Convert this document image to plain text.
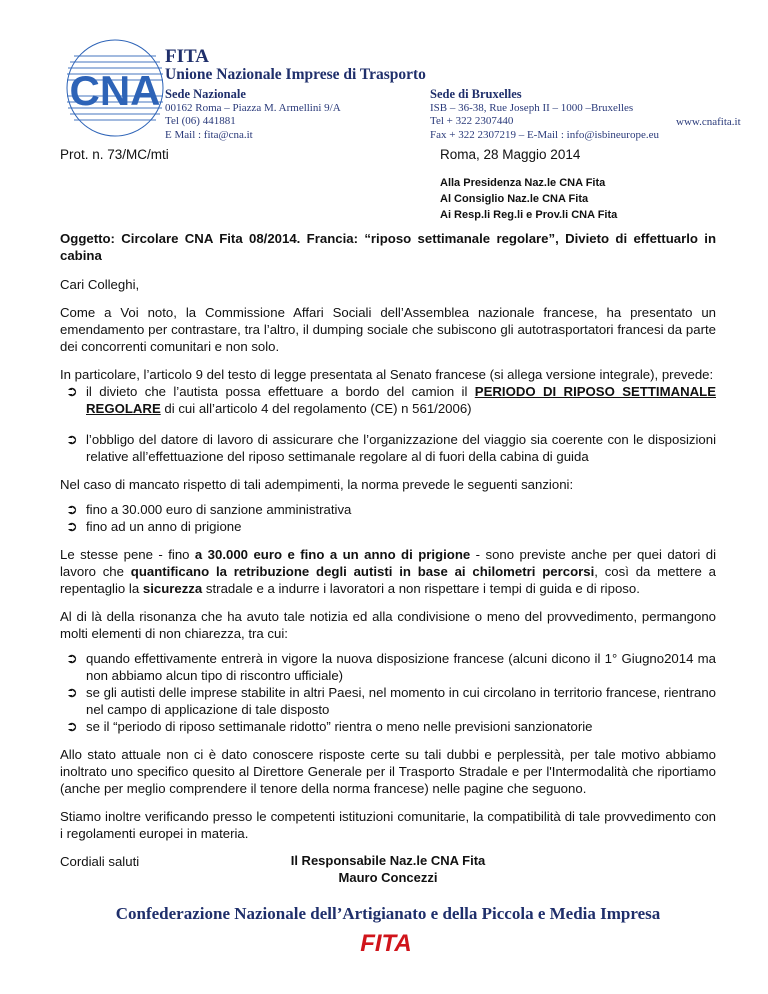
CNA
FITA
Unione Nazionale Imprese di Trasporto
Sede Nazionale
00162 Roma – Piazza M. Armellini 9/A
Tel (06) 441881
E Mail : fita@cna.it
Sede di Bruxelles
ISB – 36-38, Rue Joseph II – 1000 –Bruxelles
Tel + 322 2307440
Fax + 322 2307219 – E-Mail : info@isbineurope.eu
www.cnafita.it
Prot. n. 73/MC/mti	Roma, 28 Maggio 2014
Alla Presidenza Naz.le CNA Fita
Al Consiglio Naz.le CNA Fita
Ai Resp.li Reg.li e Prov.li CNA Fita

Oggetto: Circolare CNA Fita 08/2014. Francia: “riposo settimanale regolare”, Divieto di effettuarlo in cabina

Cari Colleghi,

Come a Voi noto, la Commissione Affari Sociali dell’Assemblea nazionale francese, ha presentato un emendamento per contrastare, tra l’altro, il dumping sociale che subiscono gli autotrasportatori francesi da parte dei concorrenti comunitari e non solo.

In particolare, l’articolo 9 del testo di legge presentata al Senato francese (si allega versione integrale), prevede:

➲ il divieto che l’autista possa effettuare a bordo del camion il PERIODO DI RIPOSO SETTIMANALE REGOLARE di cui all’articolo 4 del regolamento (CE) n 561/2006)
➲ l’obbligo del datore di lavoro di assicurare che l’organizzazione del viaggio sia coerente con le disposizioni relative all’effettuazione del riposo settimanale regolare al di fuori della cabina di guida

Nel caso di mancato rispetto di tali adempimenti, la norma prevede le seguenti sanzioni:

➲ fino a 30.000 euro di sanzione amministrativa
➲ fino ad un anno di prigione

Le stesse pene - fino a 30.000 euro e fino a un anno di prigione - sono previste anche per quei datori di lavoro che quantificano la retribuzione degli autisti in base ai chilometri percorsi, così da mettere a repentaglio la sicurezza stradale e a indurre i lavoratori a non rispettare i tempi di guida e di riposo.

Al di là della risonanza che ha avuto tale notizia ed alla condivisione o meno del provvedimento, permangono molti elementi di non chiarezza, tra cui:

➲ quando effettivamente entrerà in vigore la nuova disposizione francese (alcuni dicono il 1° Giugno2014 ma non abbiamo alcun tipo di riscontro ufficiale)
➲ se gli autisti delle imprese stabilite in altri Paesi, nel momento in cui circolano in territorio francese, rientrano nel campo di applicazione di tale disposto
➲ se il “periodo di riposo settimanale ridotto” rientra o meno nelle previsioni sanzionatorie

Allo stato attuale non ci è dato conoscere risposte certe su tali dubbi e perplessità, per tale motivo abbiamo inoltrato uno specifico quesito al Direttore Generale per il Trasporto Stradale e per l'Intermodalità che riportiamo (anche per meglio comprendere il tenore della norma francese) nelle pagine che seguono.

Stiamo inoltre verificando presso le competenti istituzioni comunitarie, la compatibilità di tale provvedimento con i regolamenti europei in materia.

Cordiali saluti	Il Responsabile Naz.le CNA Fita
Mauro Concezzi
Confederazione Nazionale dell’Artigianato e della Piccola e Media Impresa
FITA
